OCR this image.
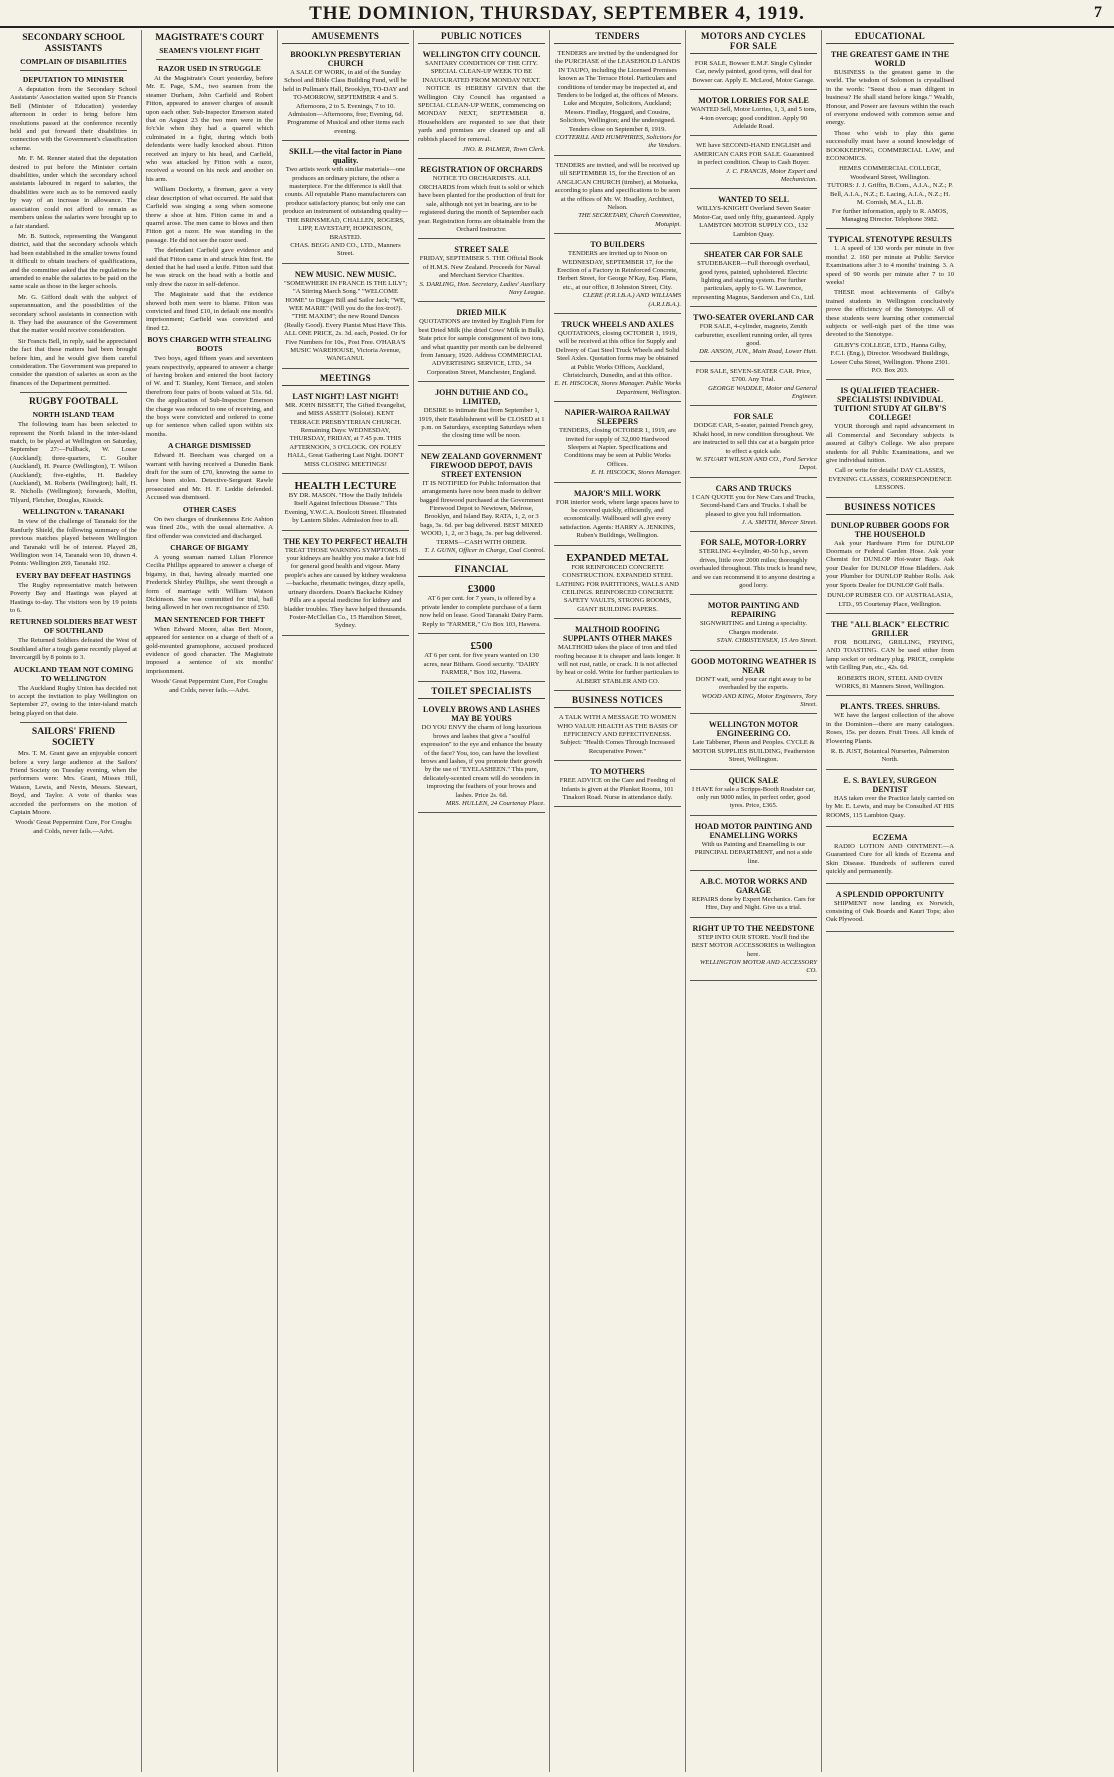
THE DOMINION, THURSDAY, SEPTEMBER 4, 1919.	7
SECONDARY SCHOOL ASSISTANTS
COMPLAIN OF DISABILITIES
DEPUTATION TO MINISTER

A deputation from the Secondary School Assistants' Association waited upon Sir Francis Bell (Minister of Education) yesterday afternoon in order to bring before him resolutions passed at the conference recently held and put forward their disabilities in connection with the Government's classification scheme.

Mr. F. M. Renner stated that the deputation desired to put before the Minister certain disabilities, under which the secondary school assistants laboured in regard to salaries, the disabilities were such as to be removed easily by way of an increase in allowance. The association could not afford to remain as members unless the salaries were brought up to a fair standard.

Mr. B. Suttock, representing the Wanganui district, said that the secondary schools which had been established in the smaller towns found it difficult to obtain teachers of qualifications, and the committee asked that the regulations be amended to enable the salaries to be paid on the same scale as those in the larger schools.

Mr. G. Gifford dealt with the subject of superannuation, and the possibilities of the secondary school assistants in connection with it. They had the assurance of the Government that the matter would receive consideration.

Sir Francis Bell, in reply, said he appreciated the fact that these matters had been brought before him, and he would give them careful consideration. The Government was prepared to consider the question of salaries as soon as the finances of the Department permitted.

RUGBY FOOTBALL
NORTH ISLAND TEAM

The following team has been selected to represent the North Island in the inter-island match, to be played at Wellington on Saturday, September 27:—Fullback, W. Losse (Auckland); three-quarters, C. Goulter (Auckland), H. Pearce (Wellington), T. Wilson (Auckland); five-eighths, H. Badeley (Auckland), M. Roberts (Wellington); half, H. R. Nicholls (Wellington); forwards, Moffitt, Tilyard, Fletcher, Douglas, Kissick.

WELLINGTON v. TARANAKI

In view of the challenge of Taranaki for the Ranfurly Shield, the following summary of the previous matches played between Wellington and Taranaki will be of interest. Played 28, Wellington won 14, Taranaki won 10, drawn 4. Points: Wellington 269, Taranaki 192.

EVERY BAY DEFEAT HASTINGS

The Rugby representative match between Poverty Bay and Hastings was played at Hastings to-day. The visitors won by 19 points to 6.

RETURNED SOLDIERS BEAT WEST OF SOUTHLAND

The Returned Soldiers defeated the West of Southland after a tough game recently played at Invercargill by 8 points to 3.

AUCKLAND TEAM NOT COMING TO WELLINGTON

The Auckland Rugby Union has decided not to accept the invitation to play Wellington on September 27, owing to the inter-island match being played on that date.

SAILORS' FRIEND SOCIETY

Mrs. T. M. Grant gave an enjoyable concert before a very large audience at the Sailors' Friend Society on Tuesday evening, when the performers were: Mrs. Grant, Misses Hill, Watson, Lewis, and Nevin, Messrs. Stewart, Boyd, and Taylor. A vote of thanks was accorded the performers on the motion of Captain Moore.

Woods' Great Peppermint Cure, For Coughs and Colds, never fails.—Advt.

MAGISTRATE'S COURT
SEAMEN'S VIOLENT FIGHT
RAZOR USED IN STRUGGLE

At the Magistrate's Court yesterday, before Mr. E. Page, S.M., two seamen from the steamer Durham, John Carfield and Robert Fitton, appeared to answer charges of assault upon each other. Sub-Inspector Emerson stated that on August 23 the two men were in the fo'c'sle when they had a quarrel which culminated in a fight, during which both defendants were badly knocked about. Fitton received an injury to his head, and Carfield, who was attacked by Fitton with a razor, received a wound on his neck and another on his arm.

William Dockerty, a fireman, gave a very clear description of what occurred. He said that Carfield was singing a song when someone threw a shoe at him. Fitton came in and a quarrel arose. The men came to blows and then Fitton got a razor. He was standing in the passage. He did not see the razor used.

The defendant Carfield gave evidence and said that Fitton came in and struck him first. He denied that he had used a knife. Fitton said that he was struck on the head with a bottle and only drew the razor in self-defence.

The Magistrate said that the evidence showed both men were to blame. Fitton was convicted and fined £10, in default one month's imprisonment; Carfield was convicted and fined £2.

BOYS CHARGED WITH STEALING BOOTS

Two boys, aged fifteen years and seventeen years respectively, appeared to answer a charge of having broken and entered the boot factory of W. and T. Stanley, Kent Terrace, and stolen therefrom four pairs of boots valued at 51s. 6d. On the application of Sub-Inspector Emerson the charge was reduced to one of receiving, and the boys were convicted and ordered to come up for sentence when called upon within six months.

A CHARGE DISMISSED

Edward H. Beecham was charged on a warrant with having received a Dunedin Bank draft for the sum of £70, knowing the same to have been stolen. Detective-Sergeant Rawle prosecuted and Mr. H. F. Leddie defended. Accused was dismissed.

OTHER CASES

On two charges of drunkenness Eric Ashton was fined 20s., with the usual alternative. A first offender was convicted and discharged.

CHARGE OF BIGAMY

A young seaman named Lilian Florence Cecilia Phillips appeared to answer a charge of bigamy, in that, having already married one Frederick Shirley Phillips, she went through a form of marriage with William Watson Dickinson. She was committed for trial, bail being allowed in her own recognisance of £50.

MAN SENTENCED FOR THEFT

When Edward Moore, alias Bert Moore, appeared for sentence on a charge of theft of a gold-mounted gramophone, accused produced evidence of good character. The Magistrate imposed a sentence of six months' imprisonment.

Woods' Great Peppermint Cure, For Coughs and Colds, never fails.—Advt.

AMUSEMENTS
BROOKLYN PRESBYTERIAN CHURCH
A SALE OF WORK, in aid of the Sunday School and Bible Class Building Fund, will be held in Pullman's Hall, Brooklyn, TO-DAY and TO-MORROW, SEPTEMBER 4 and 5. Afternoons, 2 to 5. Evenings, 7 to 10. Admission—Afternoons, free; Evening, 6d. Programme of Musical and other items each evening.
SKILL—the vital factor in Piano quality.
Two artists work with similar materials—one produces an ordinary picture, the other a masterpiece. For the difference is skill that counts. All reputable Piano manufacturers can produce satisfactory pianos; but only one can produce an instrument of outstanding quality—THE BRINSMEAD, CHALLEN, ROGERS, LIPP, EAVESTAFF, HOPKINSON, BRASTED.
CHAS. BEGG AND CO., LTD., Manners Street.
NEW MUSIC. NEW MUSIC.
"SOMEWHERE IN FRANCE IS THE LILY"; "A Stirring March Song." "WELCOME HOME" to Digger Bill and Sailor Jack; "WE, WEE MARIE" (Will you do the fox-trot?). "THE MAXIM"; the new Round Dances (Really Good). Every Pianist Must Have This.
ALL ONE PRICE, 2s. 3d. each, Posted. Or for Five Numbers for 10s., Post Free. O'HARA'S MUSIC WAREHOUSE, Victoria Avenue, WANGANUI.
MEETINGS
LAST NIGHT! LAST NIGHT!
MR. JOHN BISSETT, The Gifted Evangelist, and MISS ASSETT (Soloist). KENT TERRACE PRESBYTERIAN CHURCH. Remaining Days: WEDNESDAY, THURSDAY, FRIDAY, at 7.45 p.m. THIS AFTERNOON, 3 O'CLOCK. ON FOLEY HALL, Great Gathering Last Night. DON'T MISS CLOSING MEETINGS!
HEALTH LECTURE
BY DR. MASON. "How the Daily Infidels Itself Against Infectious Disease." This Evening, Y.W.C.A. Boulcott Street. Illustrated by Lantern Slides. Admission free to all.
THE KEY TO PERFECT HEALTH
TREAT THOSE WARNING SYMPTOMS. If your kidneys are healthy you make a fair bid for general good health and vigour. Many people's aches are caused by kidney weakness—backache, rheumatic twinges, dizzy spells, urinary disorders. Doan's Backache Kidney Pills are a special medicine for kidney and bladder troubles. They have helped thousands.
Foster-McClellan Co., 15 Hamilton Street, Sydney.
PUBLIC NOTICES
WELLINGTON CITY COUNCIL
SANITARY CONDITION OF THE CITY. SPECIAL CLEAN-UP WEEK TO BE INAUGURATED FROM MONDAY NEXT.
NOTICE IS HEREBY GIVEN that the Wellington City Council has organised a SPECIAL CLEAN-UP WEEK, commencing on MONDAY NEXT, SEPTEMBER 8. Householders are requested to see that their yards and premises are cleaned up and all rubbish placed for removal.
JNO. R. PALMER, Town Clerk.
REGISTRATION OF ORCHARDS
NOTICE TO ORCHARDISTS. ALL ORCHARDS from which fruit is sold or which have been planted for the production of fruit for sale, although not yet in bearing, are to be registered during the month of September each year. Registration forms are obtainable from the Orchard Instructor.
STREET SALE
FRIDAY, SEPTEMBER 5. THE Official Book of H.M.S. New Zealand. Proceeds for Naval and Merchant Service Charities.
S. DARLING, Hon. Secretary, Ladies' Auxiliary Navy League.
DRIED MILK
QUOTATIONS are invited by English Firm for best Dried Milk (the dried Cows' Milk in Bulk). State price for sample consignment of two tons, and what quantity per month can be delivered from January, 1920. Address COMMERCIAL ADVERTISING SERVICE, LTD., 34 Corporation Street, Manchester, England.
JOHN DUTHIE AND CO., LIMITED,
DESIRE to intimate that from September 1, 1919, their Establishment will be CLOSED at 1 p.m. on Saturdays, excepting Saturdays when the closing time will be noon.
NEW ZEALAND GOVERNMENT FIREWOOD DEPOT, DAVIS STREET EXTENSION
IT IS NOTIFIED for Public Information that arrangements have now been made to deliver bagged firewood purchased at the Government Firewood Depot to Newtown, Melrose, Brooklyn, and Island Bay. RATA, 1, 2, or 3 bags, 3s. 6d. per bag delivered. BEST MIXED WOOD, 1, 2, or 3 bags, 3s. per bag delivered. TERMS—CASH WITH ORDER.
T. J. GUNN, Officer in Charge, Coal Control.
FINANCIAL
£3000
AT 6 per cent. for 7 years, is offered by a private lender to complete purchase of a farm now held on lease. Good Taranaki Dairy Farm. Reply to "FARMER," C/o Box 103, Hawera.
£500
AT 6 per cent. for five years wanted on 130 acres, near Bitham. Good security. "DAIRY FARMER," Box 102, Hawera.
TOILET SPECIALISTS
LOVELY BROWS AND LASHES MAY BE YOURS
DO YOU ENVY the charm of long luxurious brows and lashes that give a "soulful expression" to the eye and enhance the beauty of the face? You, too, can have the loveliest brows and lashes, if you promote their growth by the use of "EYELASHEEN." This pure, delicately-scented cream will do wonders in improving the feathers of your brows and lashes. Price 2s. 6d.
MRS. HULLEN, 24 Courtenay Place.
TENDERS
TENDERS are invited by the undersigned for the PURCHASE of the LEASEHOLD LANDS IN TAUPO, including the Licensed Premises known as The Terrace Hotel. Particulars and conditions of tender may be inspected at, and Tenders to be lodged at, the offices of Messrs. Luke and Mcquire, Solicitors, Auckland; Messrs. Findlay, Hoggard, and Cousins, Solicitors, Wellington; and the undersigned. Tenders close on September 8, 1919.
COTTERILL AND HUMPHRIES, Solicitors for the Vendors.
TENDERS are invited, and will be received up till SEPTEMBER 15, for the Erection of an ANGLICAN CHURCH (timber), at Motueka, according to plans and specifications to be seen at the offices of Mr. W. Hoadley, Architect, Nelson.
THE SECRETARY, Church Committee, Motupipi.
TO BUILDERS
TENDERS are invited up to Noon on WEDNESDAY, SEPTEMBER 17, for the Erection of a Factory in Reinforced Concrete, Herbert Street, for George N'Kay, Esq. Plans, etc., at our office, 8 Johnston Street, City.
CLERE (F.R.I.B.A.) AND WILLIAMS (A.R.I.B.A.).
TRUCK WHEELS AND AXLES
QUOTATIONS, closing OCTOBER 1, 1919, will be received at this office for Supply and Delivery of Cast Steel Truck Wheels and Solid Steel Axles. Quotation forms may be obtained at Public Works Offices, Auckland, Christchurch, Dunedin, and at this office.
E. H. HISCOCK, Stores Manager. Public Works Department, Wellington.
NAPIER-WAIROA RAILWAY SLEEPERS
TENDERS, closing OCTOBER 1, 1919, are invited for supply of 32,000 Hardwood Sleepers at Napier. Specifications and Conditions may be seen at Public Works Offices.
E. H. HISCOCK, Stores Manager.
MAJOR'S MILL WORK
FOR interior work, where large spaces have to be covered quickly, efficiently, and economically. Wallboard will give every satisfaction. Agents: HARRY A. JENKINS, Ruben's Buildings, Wellington.
EXPANDED METAL
FOR REINFORCED CONCRETE CONSTRUCTION. EXPANDED STEEL LATHING FOR PARTITIONS, WALLS AND CEILINGS. REINFORCED CONCRETE SAFETY VAULTS, STRONG ROOMS, GIANT BUILDING PAPERS.
MALTHOID ROOFING SUPPLANTS OTHER MAKES
MALTHOID takes the place of iron and tiled roofing because it is cheaper and lasts longer. It will not rust, rattle, or crack. It is not affected by heat or cold. Write for further particulars to ALBERT STABLER AND CO.
BUSINESS NOTICES
A TALK WITH A MESSAGE TO WOMEN WHO VALUE HEALTH AS THE BASIS OF EFFICIENCY AND EFFECTIVENESS. Subject: "Health Comes Through Increased Recuperative Power."
TO MOTHERS
FREE ADVICE on the Care and Feeding of Infants is given at the Plunket Rooms, 101 Tinakori Road. Nurse in attendance daily.
MOTORS AND CYCLES FOR SALE
FOR SALE, Bowser E.M.F. Single Cylinder Car, newly painted, good tyres, will deal for Bowser car. Apply E. McLeod, Motor Garage.
MOTOR LORRIES FOR SALE
WANTED Sell, Motor Lorries, 1, 3, and 5 tons, 4-ton overcap; good condition. Apply 90 Adelaide Road.
WE have SECOND-HAND ENGLISH and AMERICAN CARS FOR SALE. Guaranteed in perfect condition. Cheap to Cash Buyer.
J. C. FRANCIS, Motor Expert and Mechanician.
WANTED TO SELL
WILLYS-KNIGHT Overland Seven Seater Motor-Car, used only fifty, guaranteed. Apply LAMBTON MOTOR SUPPLY CO., 132 Lambton Quay.
SHEATER CAR FOR SALE
STUDEBAKER—Full thorough overhaul, good tyres, painted, upholstered. Electric lighting and starting system. For further particulars, apply to G. W. Lawrence, representing Magnus, Sanderson and Co., Ltd.
TWO-SEATER OVERLAND CAR
FOR SALE, 4-cylinder, magneto, Zenith carburetter, excellent running order, all tyres good.
DR. ANSON, JUN., Main Road, Lower Hutt.
FOR SALE, SEVEN-SEATER CAR. Price, £700. Any Trial.
GEORGE WADDLE, Motor and General Engineer.
FOR SALE
DODGE CAR, 5-seater, painted French grey, Khaki hood, in new condition throughout. We are instructed to sell this car at a bargain price to effect a quick sale.
W. STUART WILSON AND CO., Ford Service Depot.
CARS AND TRUCKS
I CAN QUOTE you for New Cars and Trucks, Second-hand Cars and Trucks. I shall be pleased to give you full information.
J. A. SMYTH, Mercer Street.
FOR SALE, MOTOR-LORRY
STERLING 4-cylinder, 40-50 h.p., seven drives, little over 2000 miles; thoroughly overhauled throughout. This truck is brand new, and we can recommend it to anyone desiring a good lorry.
MOTOR PAINTING AND REPAIRING
SIGNWRITING and Lining a speciality. Charges moderate.
STAN. CHRISTENSEN, 15 Aro Street.
GOOD MOTORING WEATHER IS NEAR
DON'T wait, send your car right away to be overhauled by the experts.
WOOD AND KING, Motor Engineers, Tory Street.
WELLINGTON MOTOR ENGINEERING CO.
Late Tabbener, Pheon and Peoples. CYCLE & MOTOR SUPPLIES BUILDING, Featherston Street, Wellington.
QUICK SALE
I HAVE for sale a Scripps-Booth Roadster car, only run 9000 miles, in perfect order, good tyres. Price, £365.
HOAD MOTOR PAINTING AND ENAMELLING WORKS
With us Painting and Enamelling is our PRINCIPAL DEPARTMENT, and not a side line.
A.B.C. MOTOR WORKS AND GARAGE
REPAIRS done by Expert Mechanics. Cars for Hire, Day and Night. Give us a trial.
RIGHT UP TO THE NEEDSTONE
STEP INTO OUR STORE. You'll find the BEST MOTOR ACCESSORIES in Wellington here.
WELLINGTON MOTOR AND ACCESSORY CO.
EDUCATIONAL
THE GREATEST GAME IN THE WORLD
BUSINESS is the greatest game in the world. The wisdom of Solomon is crystallised in the words: "Seest thou a man diligent in business? He shall stand before kings." Wealth, Honour, and Power are favours within the reach of everyone endowed with common sense and energy.
Those who wish to play this game successfully must have a sound knowledge of BOOKKEEPING, COMMERCIAL LAW, and ECONOMICS.
HEMES COMMERCIAL COLLEGE, Woodward Street, Wellington.
TUTORS: J. J. Griffin, B.Com., A.I.A., N.Z.; P. Bell, A.I.A., N.Z.; E. Lacing, A.I.A., N.Z.; H. M. Cornish, M.A., LL.B.
For further information, apply to R. AMOS, Managing Director. Telephone 3982.
TYPICAL STENOTYPE RESULTS
1. A speed of 130 words per minute in five months! 2. 160 per minute at Public Service Examinations after 3 to 4 months' training. 3. A speed of 90 words per minute after 7 to 10 weeks!
THESE most achievements of Gilby's trained students in Wellington conclusively prove the efficiency of the Stenotype. All of these students were learning other commercial subjects or well-nigh part of the time was devoted to the Stenotype.
GILBY'S COLLEGE, LTD., Hanna Gilby, F.C.I. (Eng.), Director. Woodward Buildings, Lower Cuba Street, Wellington. 'Phone 2301. P.O. Box 203.
IS QUALIFIED TEACHER-SPECIALISTS! INDIVIDUAL TUITION! STUDY AT GILBY'S COLLEGE!
YOUR thorough and rapid advancement in all Commercial and Secondary subjects is assured at Gilby's College. We also prepare students for all Public Examinations, and we give individual tuition.
Call or write for details! DAY CLASSES, EVENING CLASSES, CORRESPONDENCE LESSONS.
BUSINESS NOTICES
DUNLOP RUBBER GOODS FOR THE HOUSEHOLD
Ask your Hardware Firm for DUNLOP Doormats or Federal Garden Hose. Ask your Chemist for DUNLOP Hot-water Bags. Ask your Dealer for DUNLOP Hose Bladders. Ask your Plumber for DUNLOP Rubber Rolls. Ask your Sports Dealer for DUNLOP Golf Balls.
DUNLOP RUBBER CO. OF AUSTRALASIA, LTD., 95 Courtenay Place, Wellington.
THE "ALL BLACK" ELECTRIC GRILLER
FOR BOILING, GRILLING, FRYING, AND TOASTING. CAN be used either from lamp socket or ordinary plug. PRICE, complete with Grilling Pan, etc., 42s. 6d.
ROBERTS IRON, STEEL AND OVEN WORKS, 81 Manners Street, Wellington.
PLANTS. TREES. SHRUBS.
WE have the largest collection of the above in the Dominion—there are many catalogues. Roses, 15s. per dozen. Fruit Trees. All kinds of Flowering Plants.
R. B. JUST, Botanical Nurseries, Palmerston North.
E. S. BAYLEY, SURGEON DENTIST
HAS taken over the Practice lately carried on by Mr. E. Lewis, and may be Consulted AT HIS ROOMS, 115 Lambton Quay.
ECZEMA
RADIO LOTION AND OINTMENT.—A Guaranteed Cure for all kinds of Eczema and Skin Disease. Hundreds of sufferers cured quickly and permanently.
A SPLENDID OPPORTUNITY
SHIPMENT now landing ex Norwich, consisting of Oak Boards and Kauri Tops; also Oak Plywood.
